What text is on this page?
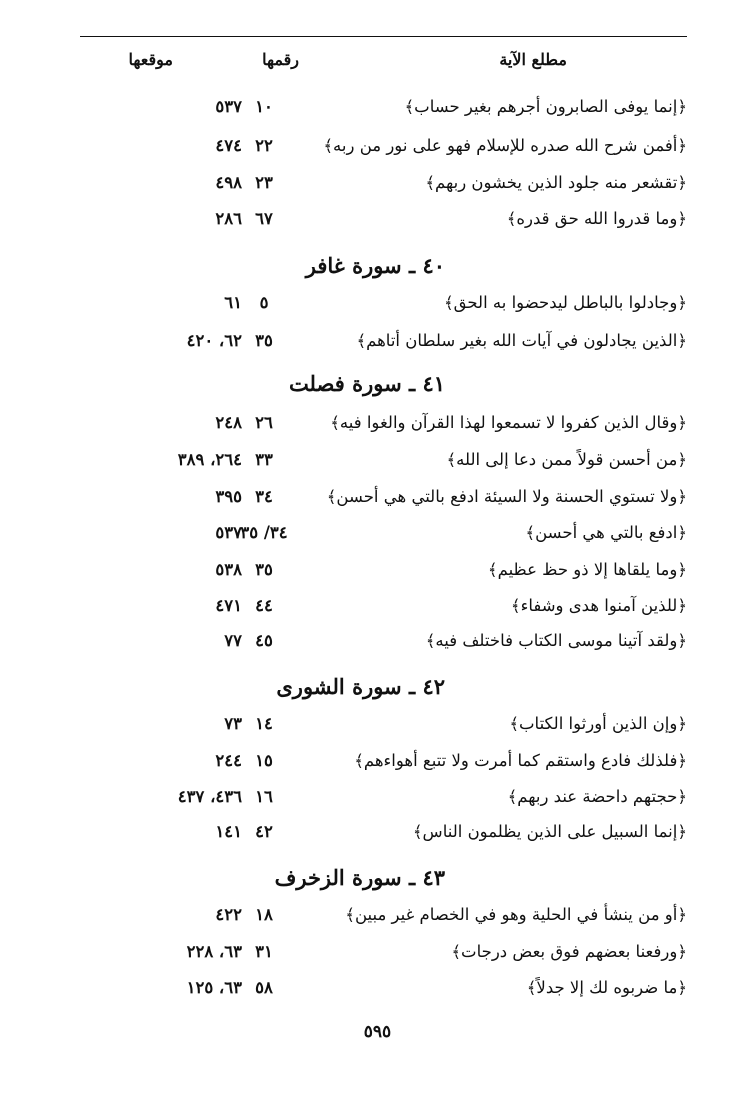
مطلع الآية
رقمها
موقعها
﴿إنما يوفى الصابرون أجرهم بغير حساب﴾
١٠
٥٣٧
﴿أفمن شرح الله صدره للإسلام فهو على نور من ربه﴾
٢٢
٤٧٤
﴿تقشعر منه جلود الذين يخشون ربهم﴾
٢٣
٤٩٨
﴿وما قدروا الله حق قدره﴾
٦٧
٢٨٦
٤٠ ـ سورة غافر
﴿وجادلوا بالباطل ليدحضوا به الحق﴾
٥
٦١
﴿الذين يجادلون في آيات الله بغير سلطان أتاهم﴾
٣٥
٦٢، ٤٢٠
٤١ ـ سورة فصلت
﴿وقال الذين كفروا لا تسمعوا لهذا القرآن والغوا فيه﴾
٢٦
٢٤٨
﴿من أحسن قولاً ممن دعا إلى الله﴾
٣٣
٢٦٤، ٣٨٩
﴿ولا تستوي الحسنة ولا السيئة ادفع بالتي هي أحسن﴾
٣٤
٣٩٥
﴿ادفع بالتي هي أحسن﴾
٣٤/ ٣٥
٥٣٧
﴿وما يلقاها إلا ذو حظ عظيم﴾
٣٥
٥٣٨
﴿للذين آمنوا هدى وشفاء﴾
٤٤
٤٧١
﴿ولقد آتينا موسى الكتاب فاختلف فيه﴾
٤٥
٧٧
٤٢ ـ سورة الشورى
﴿وإن الذين أورثوا الكتاب﴾
١٤
٧٣
﴿فلذلك فادع واستقم كما أمرت ولا تتبع أهواءهم﴾
١٥
٢٤٤
﴿حجتهم داحضة عند ربهم﴾
١٦
٤٣٦، ٤٣٧
﴿إنما السبيل على الذين يظلمون الناس﴾
٤٢
١٤١
٤٣ ـ سورة الزخرف
﴿أو من ينشأ في الحلية وهو في الخصام غير مبين﴾
١٨
٤٢٢
﴿ورفعنا بعضهم فوق بعض درجات﴾
٣١
٦٣، ٢٢٨
﴿ما ضربوه لك إلا جدلاً﴾
٥٨
٦٣، ١٢٥
٥٩٥
